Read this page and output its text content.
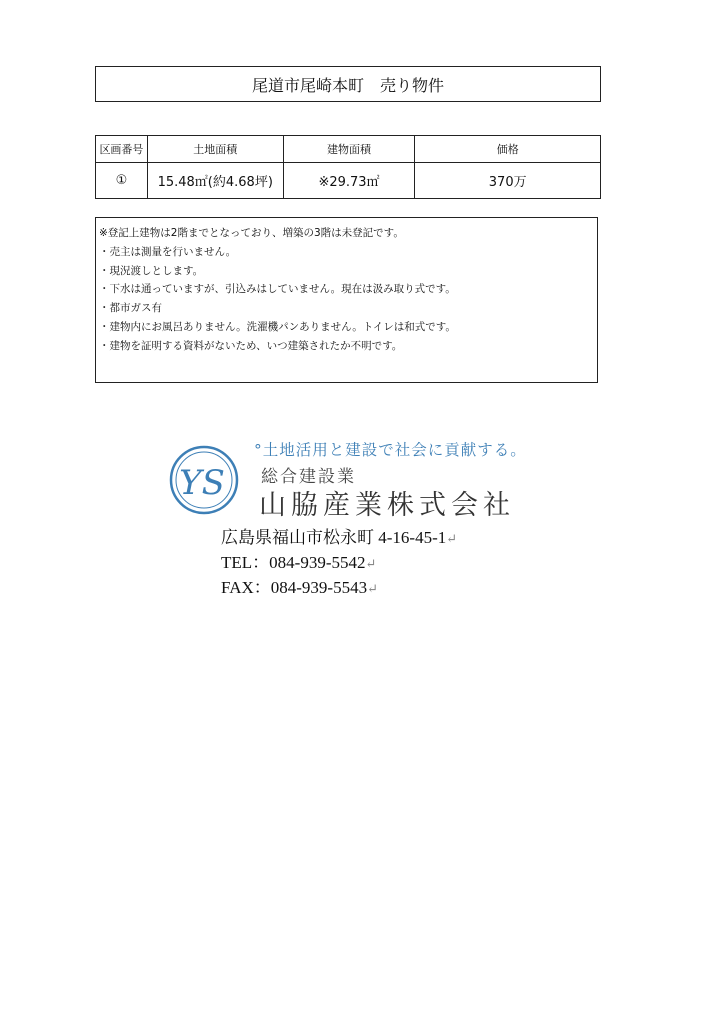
尾道市尾崎本町　売り物件
区画番号	土地面積	建物面積	価格
①	15.48㎡(約4.68坪)	※29.73㎡	370万
※登記上建物は2階までとなっており、増築の3階は未登記です。
・売主は測量を行いません。
・現況渡しとします。
・下水は通っていますが、引込みはしていません。現在は汲み取り式です。
・都市ガス有
・建物内にお風呂ありません。洗濯機パンありません。トイレは和式です。
・建物を証明する資料がないため、いつ建築されたか不明です。
YS
°土地活用と建設で社会に貢献する。
総合建設業
山脇産業株式会社
広島県福山市松永町 4-16-45-1↵
TEL：084-939-5542↵
FAX：084-939-5543↵
